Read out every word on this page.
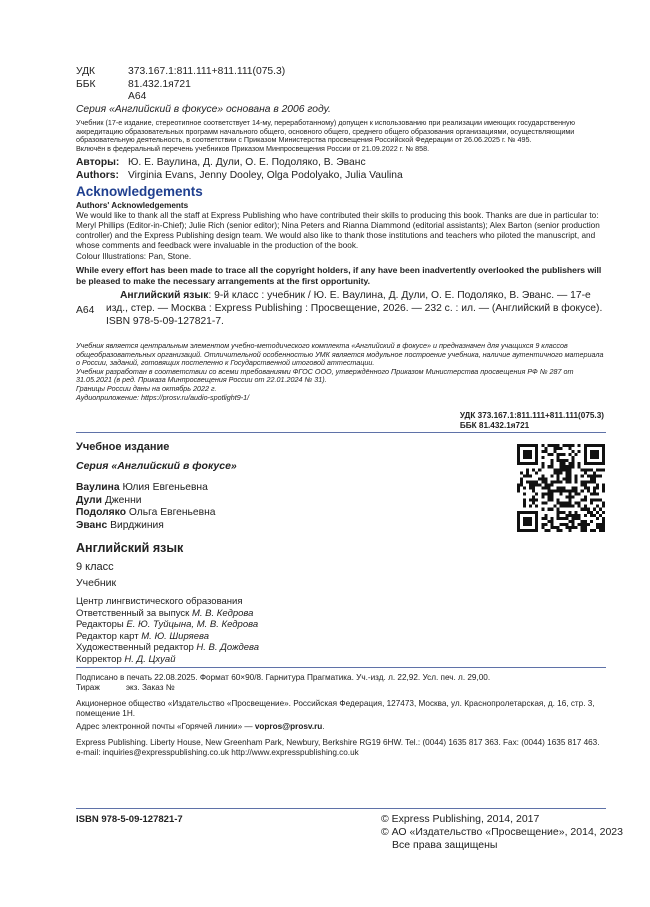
УДК	373.167.1:811.111+811.111(075.3)
ББК	81.432.1я721
А64
Серия «Английский в фокусе» основана в 2006 году.
Учебник (17-е издание, стереотипное соответствует 14-му, переработанному) допущен к использованию при реализации имеющих государственную аккредитацию образовательных программ начального общего, основного общего, среднего общего образования организациями, осуществляющими образовательную деятельность, в соответствии с Приказом Министерства просвещения Российской Федерации от 26.06.2025 г. № 495.
Включён в федеральный перечень учебников Приказом Минпросвещения России от 21.09.2022 г. № 858.
Авторы: Ю. Е. Ваулина, Д. Дули, О. Е. Подоляко, В. Эванс
Authors: Virginia Evans, Jenny Dooley, Olga Podolyako, Julia Vaulina
Acknowledgements
Authors' Acknowledgements
We would like to thank all the staff at Express Publishing who have contributed their skills to producing this book. Thanks are due in particular to: Meryl Phillips (Editor-in-Chief); Julie Rich (senior editor); Nina Peters and Rianna Diammond (editorial assistants); Alex Barton (senior production controller) and the Express Publishing design team. We would also like to thank those institutions and teachers who piloted the manuscript, and whose comments and feedback were invaluable in the production of the book.
Colour Illustrations: Pan, Stone.
While every effort has been made to trace all the copyright holders, if any have been inadvertently overlooked the publishers will be pleased to make the necessary arrangements at the first opportunity.
А64
Английский язык: 9-й класс : учебник / Ю. Е. Ваулина, Д. Дули, О. Е. Подоляко, В. Эванс. — 17-е изд., стер. — Москва : Express Publishing : Просвещение, 2026. — 232 с. : ил. — (Английский в фокусе).
ISBN 978-5-09-127821-7.
Учебник является центральным элементом учебно-методического комплекта «Английский в фокусе» и предназначен для учащихся 9 классов общеобразовательных организаций. Отличительной особенностью УМК является модульное построение учебника, наличие аутентичного материала о России, заданий, готовящих постепенно к Государственной итоговой аттестации.
Учебник разработан в соответствии со всеми требованиями ФГОС ООО, утверждённого Приказом Министерства просвещения РФ № 287 от 31.05.2021 (в ред. Приказа Минпросвещения России от 22.01.2024 № 31).
Границы России даны на октябрь 2022 г.
Аудиоприложение: https://prosv.ru/audio-spotlight9-1/
УДК 373.167.1:811.111+811.111(075.3)
ББК 81.432.1я721
Учебное издание
Серия «Английский в фокусе»
Ваулина Юлия Евгеньевна
Дули Дженни
Подоляко Ольга Евгеньевна
Эванс Вирджиния
Английский язык
9 класс
Учебник
Центр лингвистического образования
Ответственный за выпуск М. В. Кедрова
Редакторы Е. Ю. Туйцына, М. В. Кедрова
Редактор карт М. Ю. Ширяева
Художественный редактор Н. В. Дождева
Корректор Н. Д. Цхуай
Подписано в печать 22.08.2025. Формат 60×90/8. Гарнитура Прагматика. Уч.-изд. л. 22,92. Усл. печ. л. 29,00.
Тираж	экз. Заказ №
Акционерное общество «Издательство «Просвещение». Российская Федерация, 127473, Москва, ул. Краснопролетарская, д. 16, стр. 3, помещение 1Н.
Адрес электронной почты «Горячей линии» — vopros@prosv.ru.
Express Publishing. Liberty House, New Greenham Park, Newbury, Berkshire RG19 6HW. Tel.: (0044) 1635 817 363. Fax: (0044) 1635 817 463.
e-mail: inquiries@expresspublishing.co.uk http://www.expresspublishing.co.uk
ISBN 978-5-09-127821-7	© Express Publishing, 2014, 2017
© АО «Издательство «Просвещение», 2014, 2023
Все права защищены
